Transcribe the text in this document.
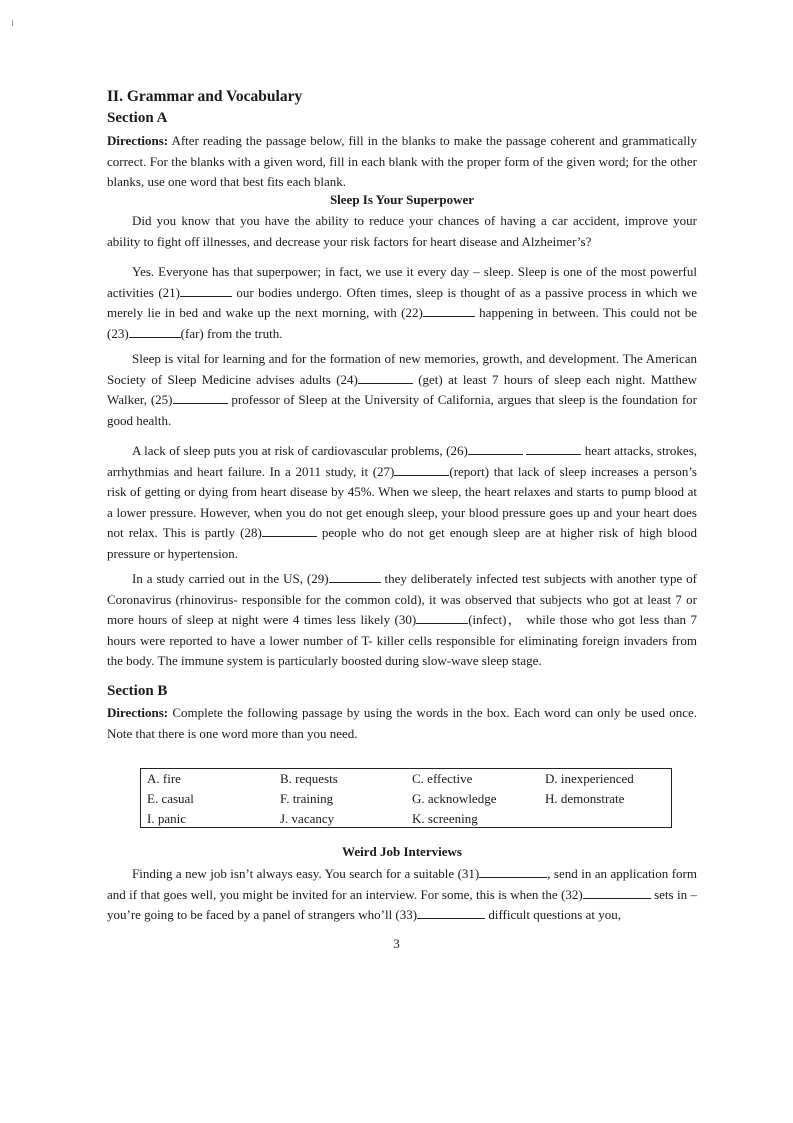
II. Grammar and Vocabulary
Section A
Directions: After reading the passage below, fill in the blanks to make the passage coherent and grammatically correct. For the blanks with a given word, fill in each blank with the proper form of the given word; for the other blanks, use one word that best fits each blank.
Sleep Is Your Superpower
Did you know that you have the ability to reduce your chances of having a car accident, improve your ability to fight off illnesses, and decrease your risk factors for heart disease and Alzheimer’s?
Yes. Everyone has that superpower; in fact, we use it every day – sleep. Sleep is one of the most powerful activities (21)	our bodies undergo. Often times, sleep is thought of as a passive process in which we merely lie in bed and wake up the next morning, with (22)	happening in between. This could not be (23)	(far) from the truth.
Sleep is vital for learning and for the formation of new memories, growth, and development. The American Society of Sleep Medicine advises adults (24)	(get) at least 7 hours of sleep each night. Matthew Walker, (25)	professor of Sleep at the University of California, argues that sleep is the foundation for good health.
A lack of sleep puts you at risk of cardiovascular problems, (26)	heart attacks, strokes, arrhythmias and heart failure. In a 2011 study, it (27)	(report) that lack of sleep increases a person’s risk of getting or dying from heart disease by 45%. When we sleep, the heart relaxes and starts to pump blood at a lower pressure. However, when you do not get enough sleep, your blood pressure goes up and your heart does not relax. This is partly (28)	people who do not get enough sleep are at higher risk of high blood pressure or hypertension.
In a study carried out in the US, (29)	they deliberately infected test subjects with another type of Coronavirus (rhinovirus- responsible for the common cold), it was observed that subjects who got at least 7 or more hours of sleep at night were 4 times less likely (30)	(infect)， while those who got less than 7 hours were reported to have a lower number of T- killer cells responsible for eliminating foreign invaders from the body. The immune system is particularly boosted during slow-wave sleep stage.
Section B
Directions: Complete the following passage by using the words in the box. Each word can only be used once. Note that there is one word more than you need.
A. fire	B. requests	C. effective	D. inexperienced
E. casual	F. training	G. acknowledge	H. demonstrate
I. panic	J. vacancy	K. screening
Weird Job Interviews
Finding a new job isn’t always easy. You search for a suitable (31)	, send in an application form and if that goes well, you might be invited for an interview. For some, this is when the (32)	sets in – you’re going to be faced by a panel of strangers who’ll (33)	difficult questions at you,
3
